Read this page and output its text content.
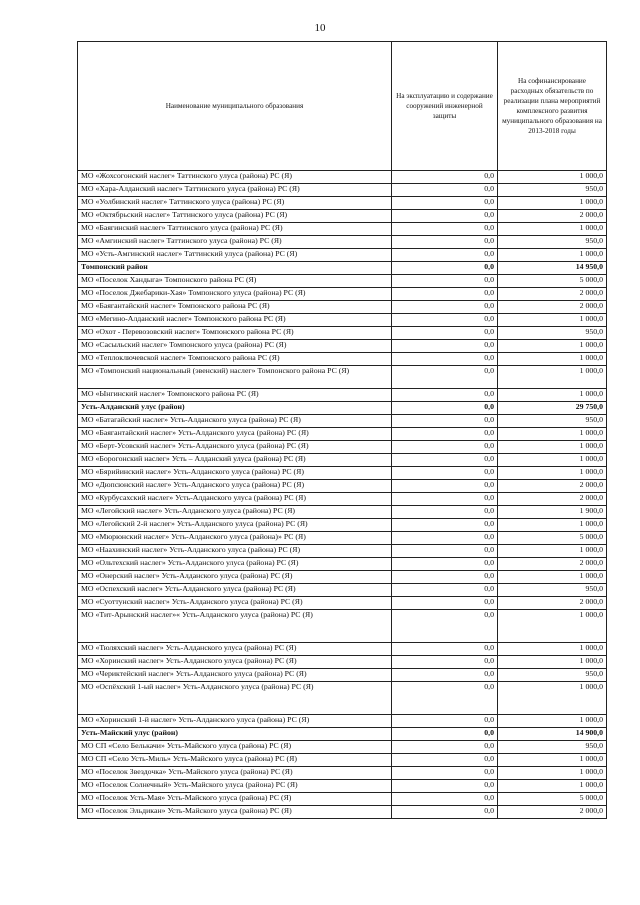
10
Наименование муниципального образования	На эксплуатацию и содержание сооружений инженерной защиты	На софинансирование расходных обязательств по реализации плана мероприятий комплексного развития муниципального образования на 2013-2018 годы
МО «Жохсогонский наслег» Таттинского улуса (района) РС (Я)	0,0	1 000,0
МО «Хара-Алданский наслег» Таттинского улуса (района) РС (Я)	0,0	950,0
МО «Уолбинский наслег» Таттинского улуса (района) РС (Я)	0,0	1 000,0
МО «Октябрьский наслег» Таттинского улуса (района) РС (Я)	0,0	2 000,0
МО «Баягинский наслег» Таттинского улуса (района) РС (Я)	0,0	1 000,0
МО «Амгинский наслег» Таттинского улуса (района) РС (Я)	0,0	950,0
МО «Усть-Амгинский наслег» Таттинский улуса (района) РС (Я)	0,0	1 000,0
Томпонский район	0,0	14 950,0
МО «Поселок Хандыга» Томпонского района РС (Я)	0,0	5 000,0
МО «Поселок Джебарики-Хая» Томпонского улуса (района) РС (Я)	0,0	2 000,0
МО «Баягантайский наслег» Томпонского района РС (Я)	0,0	2 000,0
МО «Мегино-Алданский наслег» Томпонского района РС (Я)	0,0	1 000,0
МО «Охот - Перевозовский наслег» Томпонского района РС (Я)	0,0	950,0
МО «Сасыльский наслег» Томпонского улуса (района) РС (Я)	0,0	1 000,0
МО «Теплоключевской наслег» Томпонского района РС (Я)	0,0	1 000,0
МО «Томпонский национальный (эвенский) наслег» Томпонского района РС (Я)	0,0	1 000,0
МО «Ынгинский наслег» Томпонского района РС (Я)	0,0	1 000,0
Усть-Алданский улус (район)	0,0	29 750,0
МО «Батагайский наслег» Усть-Алданского улуса (района) РС (Я)	0,0	950,0
МО «Баягантайский наслег» Усть-Алданского улуса (района) РС (Я)	0,0	1 000,0
МО «Берт-Усовский наслег» Усть-Алданского улуса (района) РС (Я)	0,0	1 000,0
МО «Борогонский наслег» Усть – Алданский улуса (района) РС (Я)	0,0	1 000,0
МО «Бярийинский наслег» Усть-Алданского улуса (района) РС (Я)	0,0	1 000,0
МО «Дюпсюнский наслег» Усть-Алданского улуса (района) РС (Я)	0,0	2 000,0
МО «Курбусахский наслег» Усть-Алданского улуса (района) РС (Я)	0,0	2 000,0
МО «Легойский наслег» Усть-Алданского улуса (района) РС (Я)	0,0	1 900,0
МО «Легойский 2-й наслег» Усть-Алданского улуса (района) РС (Я)	0,0	1 000,0
МО «Мюрюнский наслег» Усть-Алданского улуса (района)» РС (Я)	0,0	5 000,0
МО «Наахинский наслег» Усть-Алданского улуса (района) РС (Я)	0,0	1 000,0
МО «Ольтехский наслег» Усть-Алданского улуса (района) РС (Я)	0,0	2 000,0
МО «Онерский наслег» Усть-Алданского улуса (района) РС (Я)	0,0	1 000,0
МО «Оспехский наслег» Усть-Алданского улуса (района) РС (Я)	0,0	950,0
МО «Суоттунский наслег» Усть-Алданского улуса (района) РС (Я)	0,0	2 000,0
МО «Тит-Арынский наслег»« Усть-Алданского улуса (района) РС (Я)	0,0	1 000,0
МО «Тюляхский наслег» Усть-Алданского улуса (района) РС (Я)	0,0	1 000,0
МО «Хоринский наслег» Усть-Алданского улуса (района) РС (Я)	0,0	1 000,0
МО «Чериктейский наслег» Усть-Алданского улуса (района) РС (Я)	0,0	950,0
МО «Оспёхский 1-ый наслег» Усть-Алданского улуса (района) РС (Я)	0,0	1 000,0
МО «Хоринский 1-й наслег» Усть-Алданского улуса (района) РС (Я)	0,0	1 000,0
Усть-Майский улус (район)	0,0	14 900,0
МО СП «Село Белькачи» Усть-Майского улуса (района) РС (Я)	0,0	950,0
МО СП «Село Усть-Миль» Усть-Майского улуса (района) РС (Я)	0,0	1 000,0
МО «Поселок Звездочка» Усть-Майского улуса (района) РС (Я)	0,0	1 000,0
МО «Поселок Солнечный» Усть-Майского улуса (района) РС (Я)	0,0	1 000,0
МО «Поселок Усть-Мая» Усть-Майского улуса (района) РС (Я)	0,0	5 000,0
МО «Поселок Эльдикан» Усть-Майского улуса (района) РС (Я)	0,0	2 000,0
